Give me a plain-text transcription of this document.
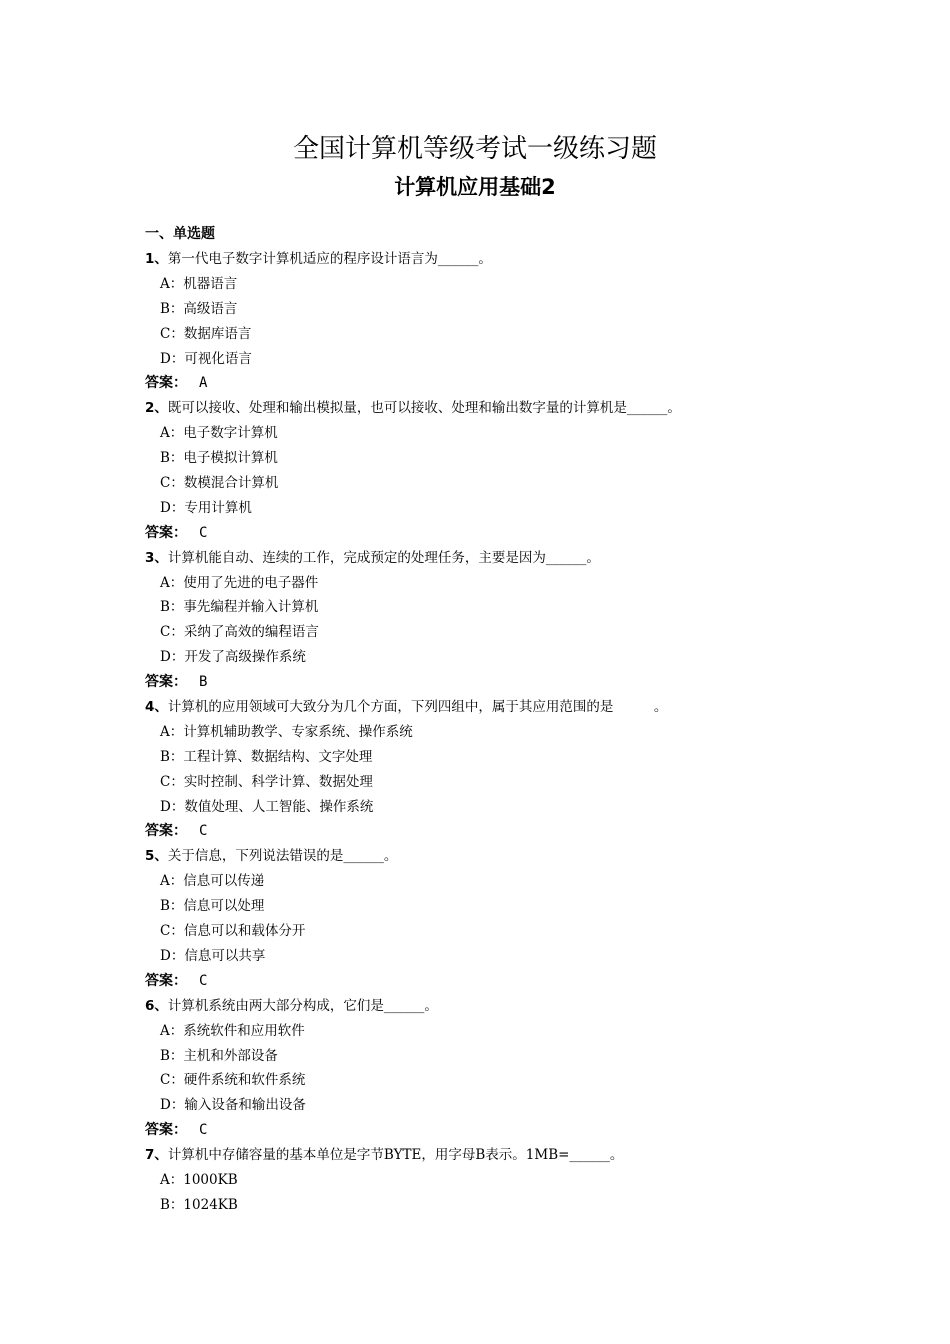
全国计算机等级考试一级练习题
计算机应用基础2
一、单选题
1、第一代电子数字计算机适应的程序设计语言为______。
A：机器语言
B：高级语言
C：数据库语言
D：可视化语言
答案： A
2、既可以接收、处理和输出模拟量，也可以接收、处理和输出数字量的计算机是______。
A：电子数字计算机
B：电子模拟计算机
C：数模混合计算机
D：专用计算机
答案： C
3、计算机能自动、连续的工作，完成预定的处理任务，主要是因为______。
A：使用了先进的电子器件
B：事先编程并输入计算机
C：采纳了高效的编程语言
D：开发了高级操作系统
答案： B
4、计算机的应用领域可大致分为几个方面，下列四组中，属于其应用范围的是　　　。
A：计算机辅助教学、专家系统、操作系统
B：工程计算、数据结构、文字处理
C：实时控制、科学计算、数据处理
D：数值处理、人工智能、操作系统
答案： C
5、关于信息，下列说法错误的是______。
A：信息可以传递
B：信息可以处理
C：信息可以和载体分开
D：信息可以共享
答案： C
6、计算机系统由两大部分构成，它们是______。
A：系统软件和应用软件
B：主机和外部设备
C：硬件系统和软件系统
D：输入设备和输出设备
答案： C
7、计算机中存储容量的基本单位是字节BYTE，用字母B表示。1MB=______。
A：1000KB
B：1024KB
